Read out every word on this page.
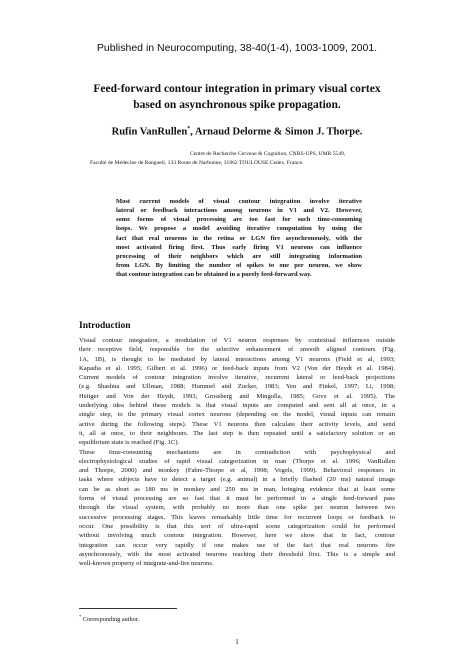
Published in Neurocomputing, 38-40(1-4), 1003-1009, 2001.
Feed-forward contour integration in primary visual cortex
based on asynchronous spike propagation.
Rufin VanRullen*, Arnaud Delorme & Simon J. Thorpe.
Centre de Recherche Cerveau & Cognition, CNRS-UPS, UMR 5549,
Faculté de Médecine de Rangueil, 133 Route de Narbonne, 31062 TOULOUSE Cedex. France.
Most current models of visual contour integration involve iterative
lateral or feedback interactions among neurons in V1 and V2. However,
some forms of visual processing are too fast for such time-consuming
loops. We propose a model avoiding iterative computation by using the
fact that real neurons in the retina or LGN fire asynchronously, with the
most activated firing first. Thus early firing V1 neurons can influence
processing of their neighbors which are still integrating information
from LGN. By limiting the number of spikes to one per neuron, we show
that contour integration can be obtained in a purely feed-forward way.
Introduction
Visual contour integration, a modulation of V1 neuron responses by contextual influences outside
their receptive field, responsible for the selective enhancement of smooth aligned contours (Fig.
1A, 1B), is thought to be mediated by lateral interactions among V1 neurons (Field et al, 1993;
Kapadia et al. 1995; Gilbert et al. 1996) or feed-back inputs from V2 (Von der Heydt et al. 1984).
Current models of contour integration involve iterative, recurrent lateral or feed-back projections
(e.g. Shashua and Ullman, 1988; Hummel and Zucker, 1983; Yen and Finkel, 1997; Li, 1998;
Heitger and Von der Heydt, 1993; Grossberg and Mingolla, 1985; Gove et al. 1995). The
underlying idea behind these models is that visual inputs are computed and sent all at once, in a
single step, to the primary visual cortex neurons (depending on the model, visual inputs can remain
active during the following steps). These V1 neurons then calculate their activity levels, and send
it, all at once, to their neighbours. The last step is then repeated until a satisfactory solution or an
equilibrium state is reached (Fig. 1C).
These time-consuming mechanisms are in contradiction with psychophysical and
electrophysiological studies of rapid visual categorization in man (Thorpe et al. 1996; VanRullen
and Thorpe, 2000) and monkey (Fabre-Thorpe et al, 1998; Vogels, 1999). Behavioral responses in
tasks where subjects have to detect a target (e.g. animal) in a briefly flashed (20 ms) natural image
can be as short as 180 ms in monkey and 250 ms in man, bringing evidence that at least some
forms of visual processing are so fast that it must be performed in a single feed-forward pass
through the visual system, with probably no more than one spike per neuron between two
successive processing stages. This leaves remarkably little time for recurrent loops or feedback to
occur. One possibility is that this sort of ultra-rapid scene categorization could be performed
without involving much contour integration. However, here we show that in fact, contour
integration can occur very rapidly if one makes use of the fact that real neurons fire
asynchronously, with the most activated neurons reaching their threshold first. This is a simple and
well-known property of integrate-and-fire neurons.
* Corresponding author.
1
